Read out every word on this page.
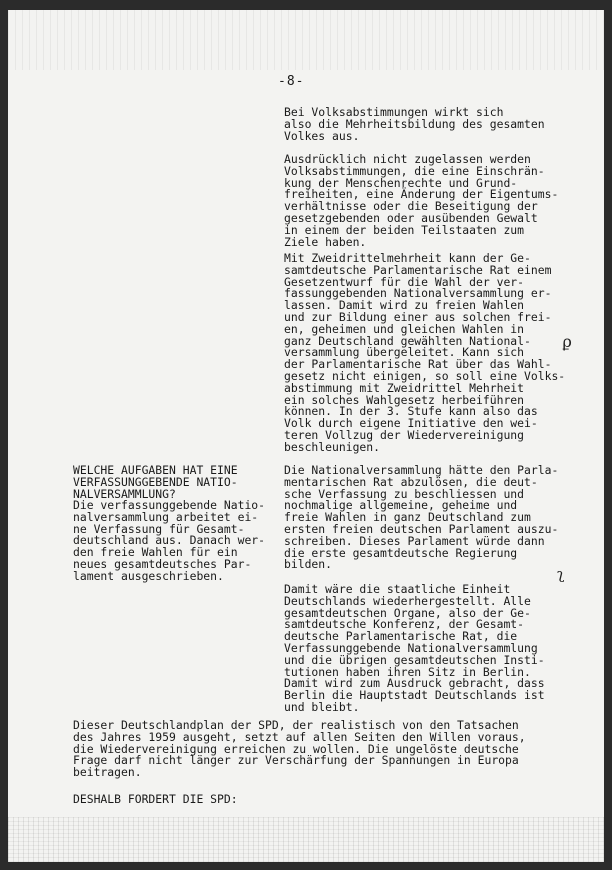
-8-

Bei Volksabstimmungen wirkt sich
also die Mehrheitsbildung des gesamten
Volkes aus.

Ausdrücklich nicht zugelassen werden
Volksabstimmungen, die eine Einschrän-
kung der Menschenrechte und Grund-
freiheiten, eine Änderung der Eigentums-
verhältnisse oder die Beseitigung der
gesetzgebenden oder ausübenden Gewalt
in einem der beiden Teilstaaten zum
Ziele haben.

Mit Zweidrittelmehrheit kann der Ge-
samtdeutsche Parlamentarische Rat einem
Gesetzentwurf für die Wahl der ver-
fassunggebenden Nationalversammlung er-
lassen. Damit wird zu freien Wahlen
und zur Bildung einer aus solchen frei-
en, geheimen und gleichen Wahlen in
ganz Deutschland gewählten National-
versammlung übergeleitet. Kann sich
der Parlamentarische Rat über das Wahl-
gesetz nicht einigen, so soll eine Volks-
abstimmung mit Zweidrittel Mehrheit
ein solches Wahlgesetz herbeiführen
können. In der 3. Stufe kann also das
Volk durch eigene Initiative den wei-
teren Vollzug der Wiedervereinigung
beschleunigen.

ϼ

WELCHE AUFGABEN HAT EINE
VERFASSUNGGEBENDE NATIO-
NALVERSAMMLUNG?

Die verfassunggebende Natio-
nalversammlung arbeitet ei-
ne Verfassung für Gesamt-
deutschland aus. Danach wer-
den freie Wahlen für ein
neues gesamtdeutsches Par-
lament ausgeschrieben.

Die Nationalversammlung hätte den Parla-
mentarischen Rat abzulösen, die deut-
sche Verfassung zu beschliessen und
nochmalige allgemeine, geheime und
freie Wahlen in ganz Deutschland zum
ersten freien deutschen Parlament auszu-
schreiben. Dieses Parlament würde dann
die erste gesamtdeutsche Regierung
bilden.

ʅ

Damit wäre die staatliche Einheit
Deutschlands wiederhergestellt. Alle
gesamtdeutschen Organe, also der Ge-
samtdeutsche Konferenz, der Gesamt-
deutsche Parlamentarische Rat, die
Verfassunggebende Nationalversammlung
und die übrigen gesamtdeutschen Insti-
tutionen haben ihren Sitz in Berlin.
Damit wird zum Ausdruck gebracht, dass
Berlin die Hauptstadt Deutschlands ist
und bleibt.

Dieser Deutschlandplan der SPD, der realistisch von den Tatsachen
des Jahres 1959 ausgeht, setzt auf allen Seiten den Willen voraus,
die Wiedervereinigung erreichen zu wollen. Die ungelöste deutsche
Frage darf nicht länger zur Verschärfung der Spannungen in Europa
beitragen.

DESHALB FORDERT DIE SPD:
